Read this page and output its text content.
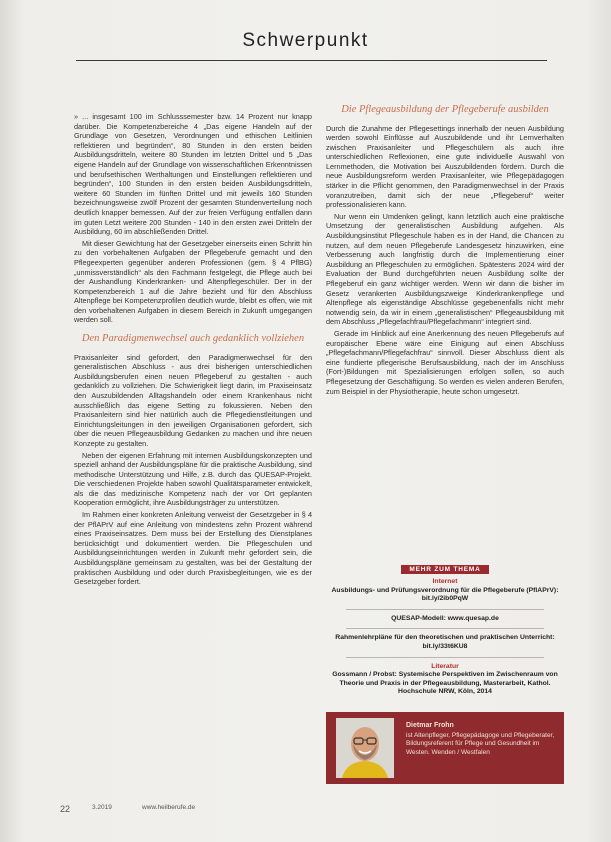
Schwerpunkt

» ... insgesamt 100 im Schlusssemester bzw. 14 Prozent nur knapp darüber. Die Kompetenzbereiche 4 „Das eigene Handeln auf der Grundlage von Gesetzen, Verordnungen und ethischen Leitlinien reflektieren und begründen“, 80 Stunden in den ersten beiden Ausbildungsdritteln, weitere 80 Stunden im letzten Drittel und 5 „Das eigene Handeln auf der Grundlage von wissenschaftlichen Erkenntnissen und berufsethischen Werthaltungen und Einstellungen reflektieren und begründen“, 100 Stunden in den ersten beiden Ausbildungsdritteln, weitere 60 Stunden im fünften Drittel und mit jeweils 160 Stunden bezeichnungsweise zwölf Prozent der gesamten Stundenverteilung noch deutlich knapper bemessen. Auf der zur freien Verfügung entfallen dann im guten Letzt weitere 200 Stunden - 140 in den ersten zwei Dritteln der Ausbildung, 60 im abschließenden Drittel.

Mit dieser Gewichtung hat der Gesetzgeber einerseits einen Schritt hin zu den vorbehaltenen Aufgaben der Pflegeberufe gemacht und den Pflegeexperten gegenüber anderen Professionen (gem. § 4 PflBG) „unmissverständlich“ als den Fachmann festgelegt, die Pflege auch bei der Aushandlung Kinderkranken- und Altenpflegeschüler. Der in der Kompetenzbereich 1 auf die Jahre bezieht und für den Abschluss Altenpflege bei Kompetenzprofilen deutlich wurde, bleibt es offen, wie mit den vorbehaltenen Aufgaben in diesem Bereich in Zukunft umgegangen werden soll.

Den Paradigmenwechsel auch gedanklich vollziehen

Praxisanleiter sind gefordert, den Paradigmenwechsel für den generalistischen Abschluss - aus drei bisherigen unterschiedlichen Ausbildungsberufen einen neuen Pflegeberuf zu gestalten - auch gedanklich zu vollziehen. Die Schwierigkeit liegt darin, im Praxiseinsatz den Auszubildenden Alltagshandeln oder einem Krankenhaus nicht ausschließlich das eigene Setting zu fokussieren. Neben den Praxisanleitern sind hier natürlich auch die Pflegedienstleitungen und Einrichtungsleitungen in den jeweiligen Organisationen gefordert, sich über die neuen Pflegeausbildung Gedanken zu machen und ihre neuen Konzepte zu gestalten.

Neben der eigenen Erfahrung mit internen Ausbildungskonzepten und speziell anhand der Ausbildungspläne für die praktische Ausbildung, sind methodische Unterstützung und Hilfe, z.B. durch das QUESAP-Projekt. Die verschiedenen Projekte haben sowohl Qualitätsparameter entwickelt, als die das medizinische Kompetenz nach der vor Ort geplanten Kooperation ermöglicht, ihre Ausbildungsträger zu unterstützen.

Im Rahmen einer konkreten Anleitung verweist der Gesetzgeber in § 4 der PflAPrV auf eine Anleitung von mindestens zehn Prozent während eines Praxiseinsatzes. Dem muss bei der Erstellung des Dienstplanes berücksichtigt und dokumentiert werden. Die Pflegeschulen und Ausbildungseinrichtungen werden in Zukunft mehr gefordert sein, die Ausbildungspläne gemeinsam zu gestalten, was bei der Gestaltung der praktischen Ausbildung und oder durch Praxisbegleitungen, wie es der Gesetzgeber fordert.

Die Pflegeausbildung der Pflegeberufe ausbilden

Durch die Zunahme der Pflegesettings innerhalb der neuen Ausbildung werden sowohl Einflüsse auf Auszubildende und ihr Lernverhalten zwischen Praxisanleiter und Pflegeschülern als auch ihre unterschiedlichen Reflexionen, eine gute individuelle Auswahl von Lernmethoden, die Motivation bei Auszubildenden fördern. Durch die neue Ausbildungsreform werden Praxisanleiter, wie Pflegepädagogen stärker in die Pflicht genommen, den Paradigmenwechsel in der Praxis voranzutreiben, damit sich der neue „Pflegeberuf“ weiter professionalisieren kann.

Nur wenn ein Umdenken gelingt, kann letztlich auch eine praktische Umsetzung der generalistischen Ausbildung aufgehen. Als Ausbildungsinstitut Pflegeschule haben es in der Hand, die Chancen zu nutzen, auf dem neuen Pflegeberufe Landesgesetz hinzuwirken, eine Verbesserung auch langfristig durch die Implementierung einer Ausbildung an Pflegeschulen zu ermöglichen. Spätestens 2024 wird der Evaluation der Bund durchgeführten neuen Ausbildung sollte der Pflegeberuf ein ganz wichtiger werden. Wenn wir dann die bisher im Gesetz verankerten Ausbildungszweige Kinderkrankenpflege und Altenpflege als eigenständige Abschlüsse gegebenenfalls nicht mehr notwendig sein, da wir in einem „generalistischen“ Pflegeausbildung mit dem Abschluss „Pflegefachfrau/Pflegefachmann“ integriert sind.

Gerade im Hinblick auf eine Anerkennung des neuen Pflegeberufs auf europäischer Ebene wäre eine Einigung auf einen Abschluss „Pflegefachmann/Pflegefachfrau“ sinnvoll. Dieser Abschluss dient als eine fundierte pflegerische Berufsausbildung, nach der im Anschluss (Fort-)Bildungen mit Spezialisierungen erfolgen sollen, so auch Pflegesetzung der Geschäftigung. So werden es vielen anderen Berufen, zum Beispiel in der Physiotherapie, heute schon umgesetzt.

MEHR ZUM THEMA
Internet
Ausbildungs- und Prüfungsverordnung für die Pflegeberufe (PflAPrV): bit.ly/2ib0PqW
QUESAP-Modell: www.quesap.de
Rahmenlehrpläne für den theoretischen und praktischen Unterricht: bit.ly/33t6KU8
Literatur
Gossmann / Probst: Systemische Perspektiven im Zwischenraum von Theorie und Praxis in der Pflegeausbildung, Masterarbeit, Kathol. Hochschule NRW, Köln, 2014
Dietmar Frohn
ist Altenpfleger, Pflegepädagoge und Pflegeberater, Bildungsreferent für Pflege und Gesundheit im Westen. Wenden / Westfalen
22	3.2019	www.heilberufe.de
